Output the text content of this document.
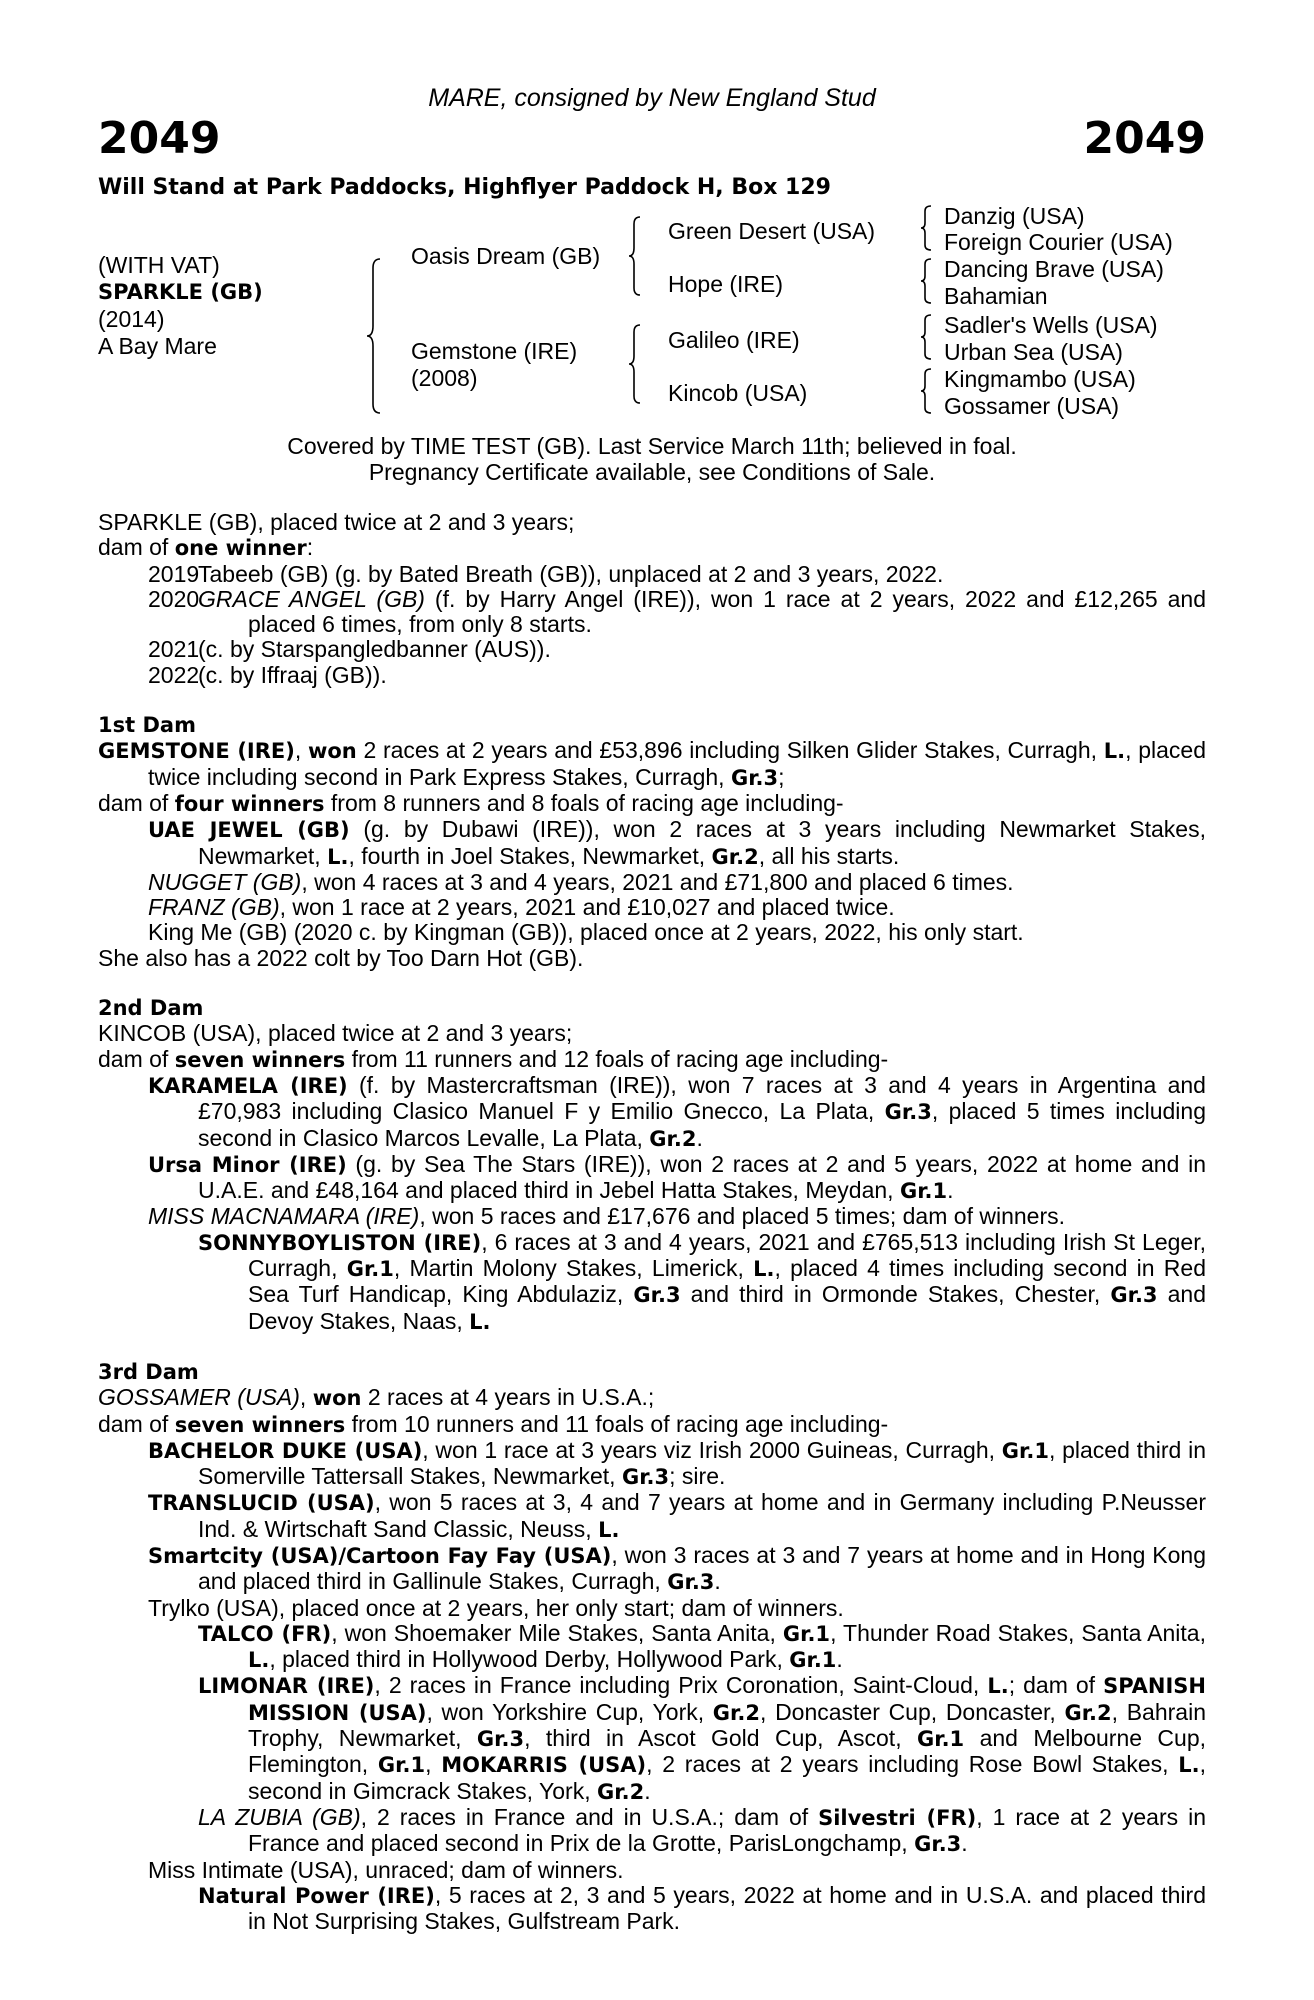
MARE, consigned by New England Stud
2049	2049
Will Stand at Park Paddocks, Highflyer Paddock H, Box 129
(WITH VAT)
SPARKLE (GB)
(2014)
A Bay Mare
Oasis Dream (GB)
Gemstone (IRE)
(2008)
Green Desert (USA)
Hope (IRE)
Galileo (IRE)
Kincob (USA)
Danzig (USA)
Foreign Courier (USA)
Dancing Brave (USA)
Bahamian
Sadler's Wells (USA)
Urban Sea (USA)
Kingmambo (USA)
Gossamer (USA)
Covered by TIME TEST (GB). Last Service March 11th; believed in foal.
Pregnancy Certificate available, see Conditions of Sale.

SPARKLE (GB), placed twice at 2 and 3 years;

dam of one winner:

2019
Tabeeb (GB) (g. by Bated Breath (GB)), unplaced at 2 and 3 years, 2022.
2020
GRACE ANGEL (GB) (f. by Harry Angel (IRE)), won 1 race at 2 years, 2022 and £12,265 and placed 6 times, from only 8 starts.
2021
(c. by Starspangledbanner (AUS)).
2022
(c. by Iffraaj (GB)).

1st Dam

GEMSTONE (IRE), won 2 races at 2 years and £53,896 including Silken Glider Stakes, Curragh, L., placed twice including second in Park Express Stakes, Curragh, Gr.3;

dam of four winners from 8 runners and 8 foals of racing age including-

UAE JEWEL (GB) (g. by Dubawi (IRE)), won 2 races at 3 years including Newmarket Stakes, Newmarket, L., fourth in Joel Stakes, Newmarket, Gr.2, all his starts.

NUGGET (GB), won 4 races at 3 and 4 years, 2021 and £71,800 and placed 6 times.

FRANZ (GB), won 1 race at 2 years, 2021 and £10,027 and placed twice.

King Me (GB) (2020 c. by Kingman (GB)), placed once at 2 years, 2022, his only start.

She also has a 2022 colt by Too Darn Hot (GB).

2nd Dam

KINCOB (USA), placed twice at 2 and 3 years;

dam of seven winners from 11 runners and 12 foals of racing age including-

KARAMELA (IRE) (f. by Mastercraftsman (IRE)), won 7 races at 3 and 4 years in Argentina and £70,983 including Clasico Manuel F y Emilio Gnecco, La Plata, Gr.3, placed 5 times including second in Clasico Marcos Levalle, La Plata, Gr.2.

Ursa Minor (IRE) (g. by Sea The Stars (IRE)), won 2 races at 2 and 5 years, 2022 at home and in U.A.E. and £48,164 and placed third in Jebel Hatta Stakes, Meydan, Gr.1.

MISS MACNAMARA (IRE), won 5 races and £17,676 and placed 5 times; dam of winners.

SONNYBOYLISTON (IRE), 6 races at 3 and 4 years, 2021 and £765,513 including Irish St Leger, Curragh, Gr.1, Martin Molony Stakes, Limerick, L., placed 4 times including second in Red Sea Turf Handicap, King Abdulaziz, Gr.3 and third in Ormonde Stakes, Chester, Gr.3 and Devoy Stakes, Naas, L.

3rd Dam

GOSSAMER (USA), won 2 races at 4 years in U.S.A.;

dam of seven winners from 10 runners and 11 foals of racing age including-

BACHELOR DUKE (USA), won 1 race at 3 years viz Irish 2000 Guineas, Curragh, Gr.1, placed third in Somerville Tattersall Stakes, Newmarket, Gr.3; sire.

TRANSLUCID (USA), won 5 races at 3, 4 and 7 years at home and in Germany including P.Neusser Ind. & Wirtschaft Sand Classic, Neuss, L.

Smartcity (USA)/Cartoon Fay Fay (USA), won 3 races at 3 and 7 years at home and in Hong Kong and placed third in Gallinule Stakes, Curragh, Gr.3.

Trylko (USA), placed once at 2 years, her only start; dam of winners.

TALCO (FR), won Shoemaker Mile Stakes, Santa Anita, Gr.1, Thunder Road Stakes, Santa Anita, L., placed third in Hollywood Derby, Hollywood Park, Gr.1.

LIMONAR (IRE), 2 races in France including Prix Coronation, Saint-Cloud, L.; dam of SPANISH MISSION (USA), won Yorkshire Cup, York, Gr.2, Doncaster Cup, Doncaster, Gr.2, Bahrain Trophy, Newmarket, Gr.3, third in Ascot Gold Cup, Ascot, Gr.1 and Melbourne Cup, Flemington, Gr.1, MOKARRIS (USA), 2 races at 2 years including Rose Bowl Stakes, L., second in Gimcrack Stakes, York, Gr.2.

LA ZUBIA (GB), 2 races in France and in U.S.A.; dam of Silvestri (FR), 1 race at 2 years in France and placed second in Prix de la Grotte, ParisLongchamp, Gr.3.

Miss Intimate (USA), unraced; dam of winners.

Natural Power (IRE), 5 races at 2, 3 and 5 years, 2022 at home and in U.S.A. and placed third in Not Surprising Stakes, Gulfstream Park.
